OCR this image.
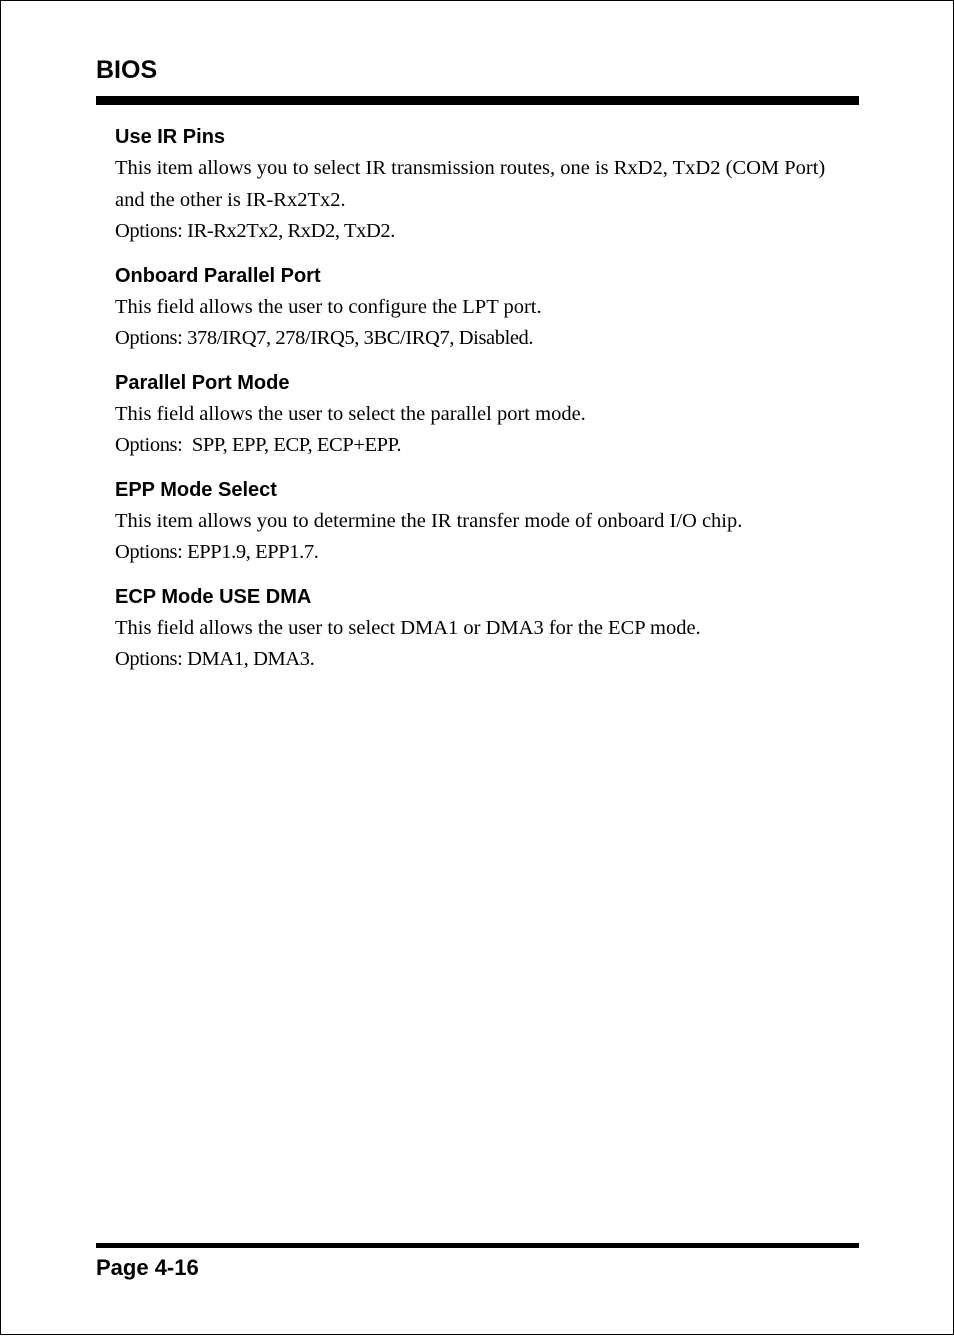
BIOS

Use IR Pins

This item allows you to select IR transmission routes, one is RxD2, TxD2 (COM Port) and the other is IR-Rx2Tx2.

Options: IR-Rx2Tx2, RxD2, TxD2.

Onboard Parallel Port

This field allows the user to configure the LPT port.

Options: 378/IRQ7, 278/IRQ5, 3BC/IRQ7, Disabled.

Parallel Port Mode

This field allows the user to select the parallel port mode.

Options:  SPP, EPP, ECP, ECP+EPP.

EPP Mode Select

This item allows you to determine the IR transfer mode of onboard I/O chip.

Options: EPP1.9, EPP1.7.

ECP Mode USE DMA

This field allows the user to select DMA1 or DMA3 for the ECP mode.

Options: DMA1, DMA3.

Page 4-16
